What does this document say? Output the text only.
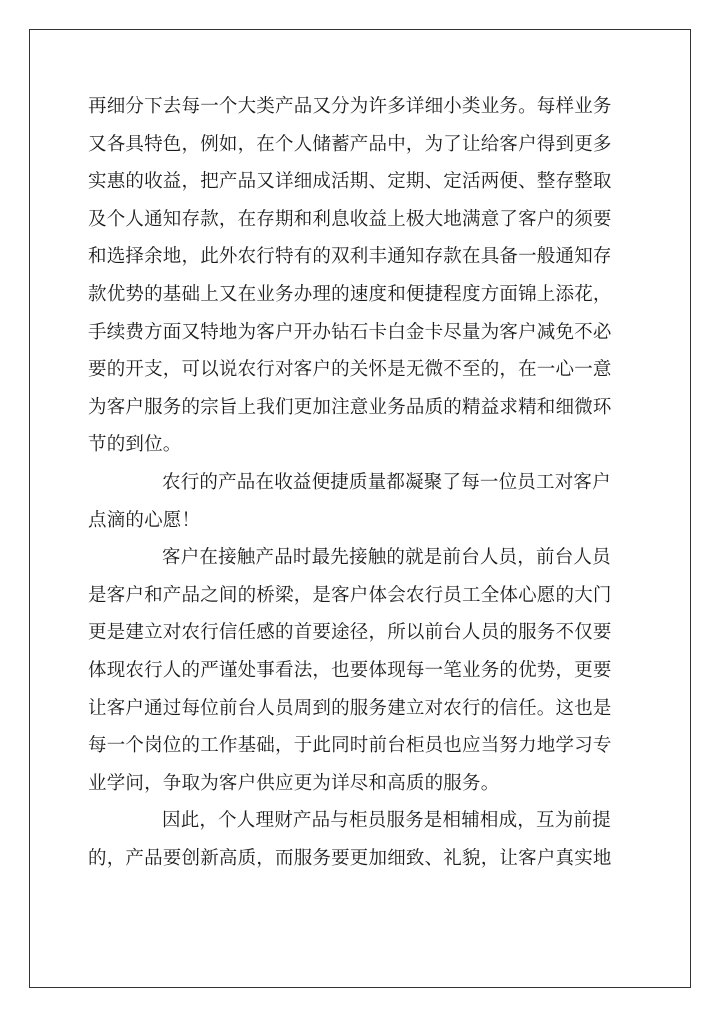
再细分下去每一个大类产品又分为许多详细小类业务。每样业务
又各具特色，例如，在个人储蓄产品中，为了让给客户得到更多
实惠的收益，把产品又详细成活期、定期、定活两便、整存整取
及个人通知存款，在存期和利息收益上极大地满意了客户的须要
和选择余地，此外农行特有的双利丰通知存款在具备一般通知存
款优势的基础上又在业务办理的速度和便捷程度方面锦上添花，
手续费方面又特地为客户开办钻石卡白金卡尽量为客户减免不必
要的开支，可以说农行对客户的关怀是无微不至的，在一心一意
为客户服务的宗旨上我们更加注意业务品质的精益求精和细微环
节的到位。
农行的产品在收益便捷质量都凝聚了每一位员工对客户
点滴的心愿！
客户在接触产品时最先接触的就是前台人员，前台人员
是客户和产品之间的桥梁，是客户体会农行员工全体心愿的大门
更是建立对农行信任感的首要途径，所以前台人员的服务不仅要
体现农行人的严谨处事看法，也要体现每一笔业务的优势，更要
让客户通过每位前台人员周到的服务建立对农行的信任。这也是
每一个岗位的工作基础，于此同时前台柜员也应当努力地学习专
业学问，争取为客户供应更为详尽和高质的服务。
因此，个人理财产品与柜员服务是相辅相成，互为前提
的，产品要创新高质，而服务要更加细致、礼貌，让客户真实地
